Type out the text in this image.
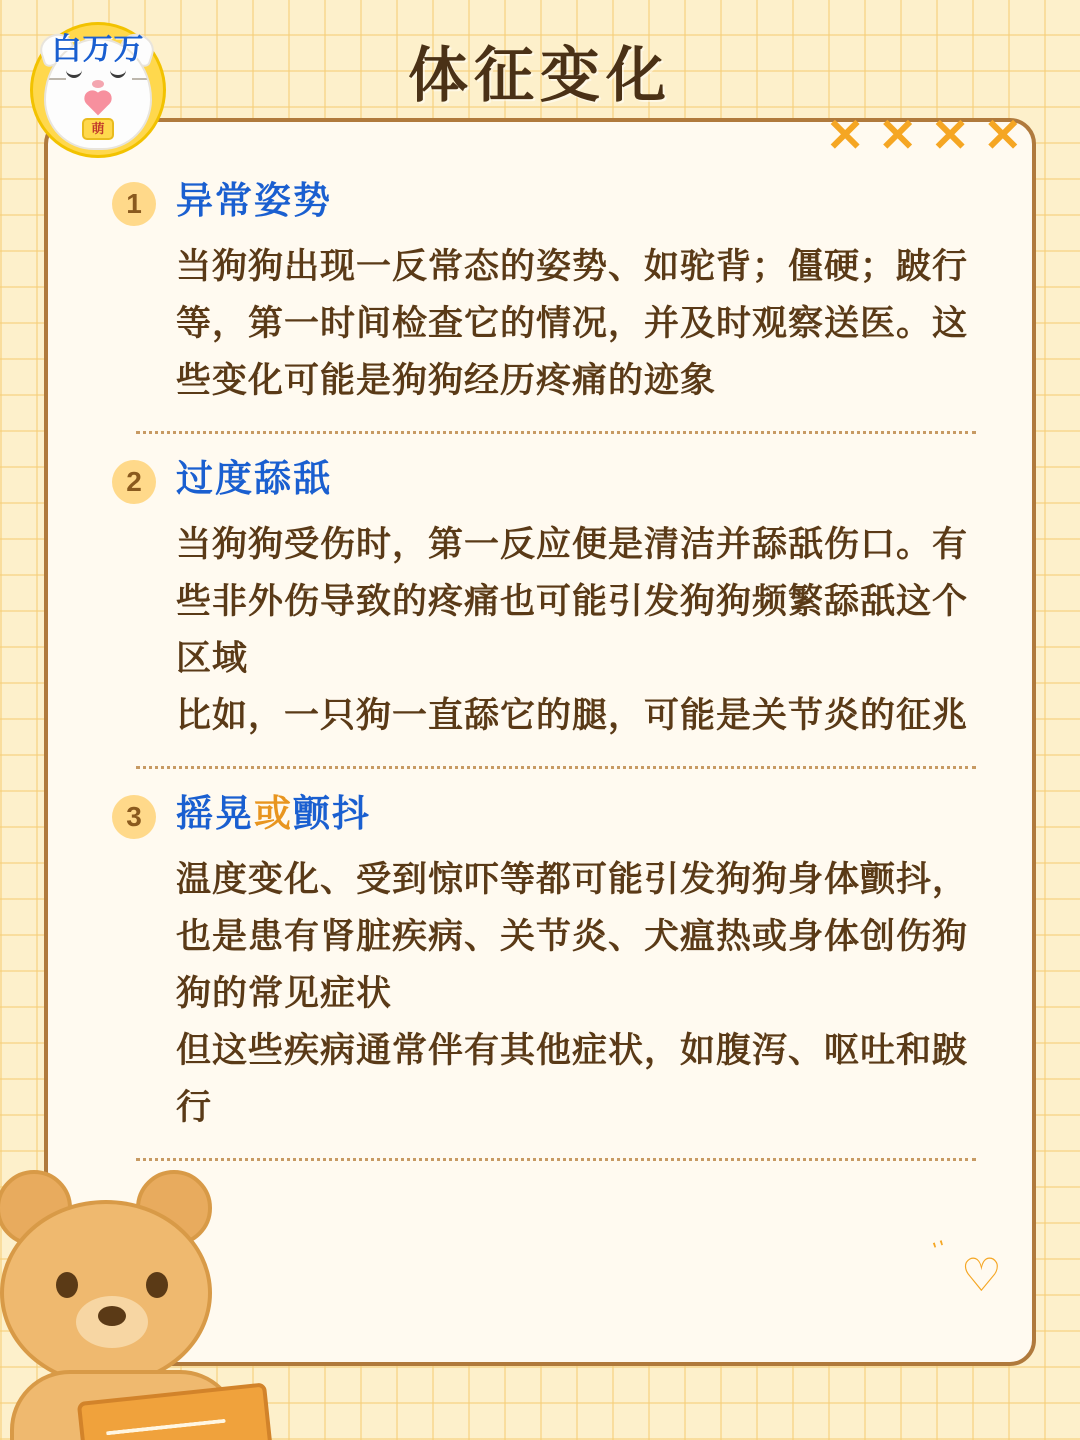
体征变化
萌
白万万
✕ ✕ ✕ ✕
1 异常姿势

当狗狗出现一反常态的姿势、如驼背；僵硬；跛行等，第一时间检查它的情况，并及时观察送医。这些变化可能是狗狗经历疼痛的迹象

2 过度舔舐

当狗狗受伤时，第一反应便是清洁并舔舐伤口。有些非外伤导致的疼痛也可能引发狗狗频繁舔舐这个区域

比如，一只狗一直舔它的腿，可能是关节炎的征兆

3 摇晃或颤抖

温度变化、受到惊吓等都可能引发狗狗身体颤抖，

也是患有肾脏疾病、关节炎、犬瘟热或身体创伤狗狗的常见症状

但这些疾病通常伴有其他症状，如腹泻、呕吐和跛行

''
♡
